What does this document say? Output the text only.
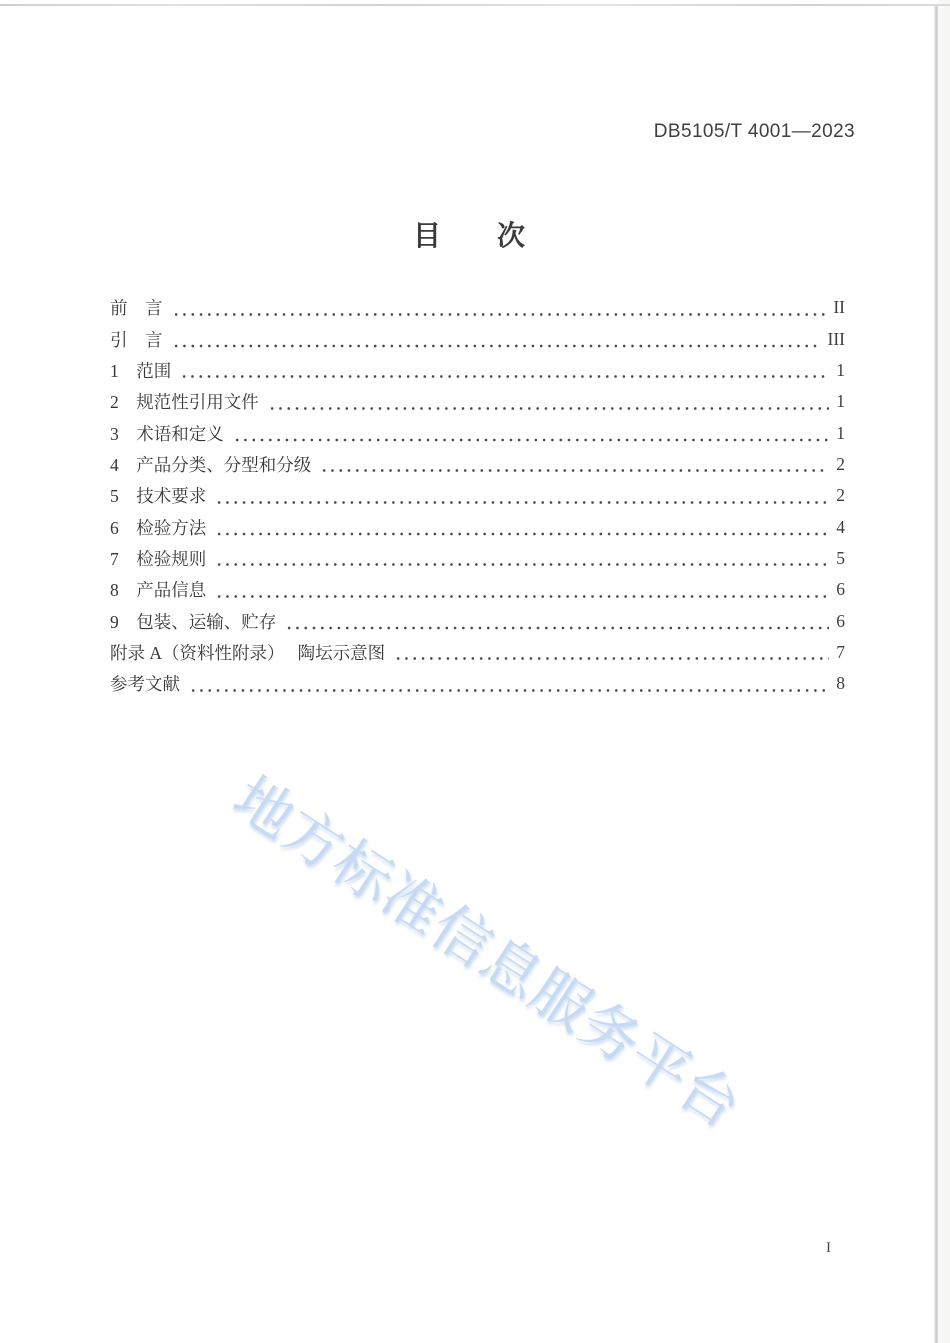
地方标准信息服务平台
DB5105/T 4001—2023
目　　次
前　言	II
引　言	III
1　范围	1
2　规范性引用文件	1
3　术语和定义	1
4　产品分类、分型和分级	2
5　技术要求	2
6　检验方法	4
7　检验规则	5
8　产品信息	6
9　包装、运输、贮存	6
附录 A（资料性附录）　 陶坛示意图	7
参考文献	8
I
